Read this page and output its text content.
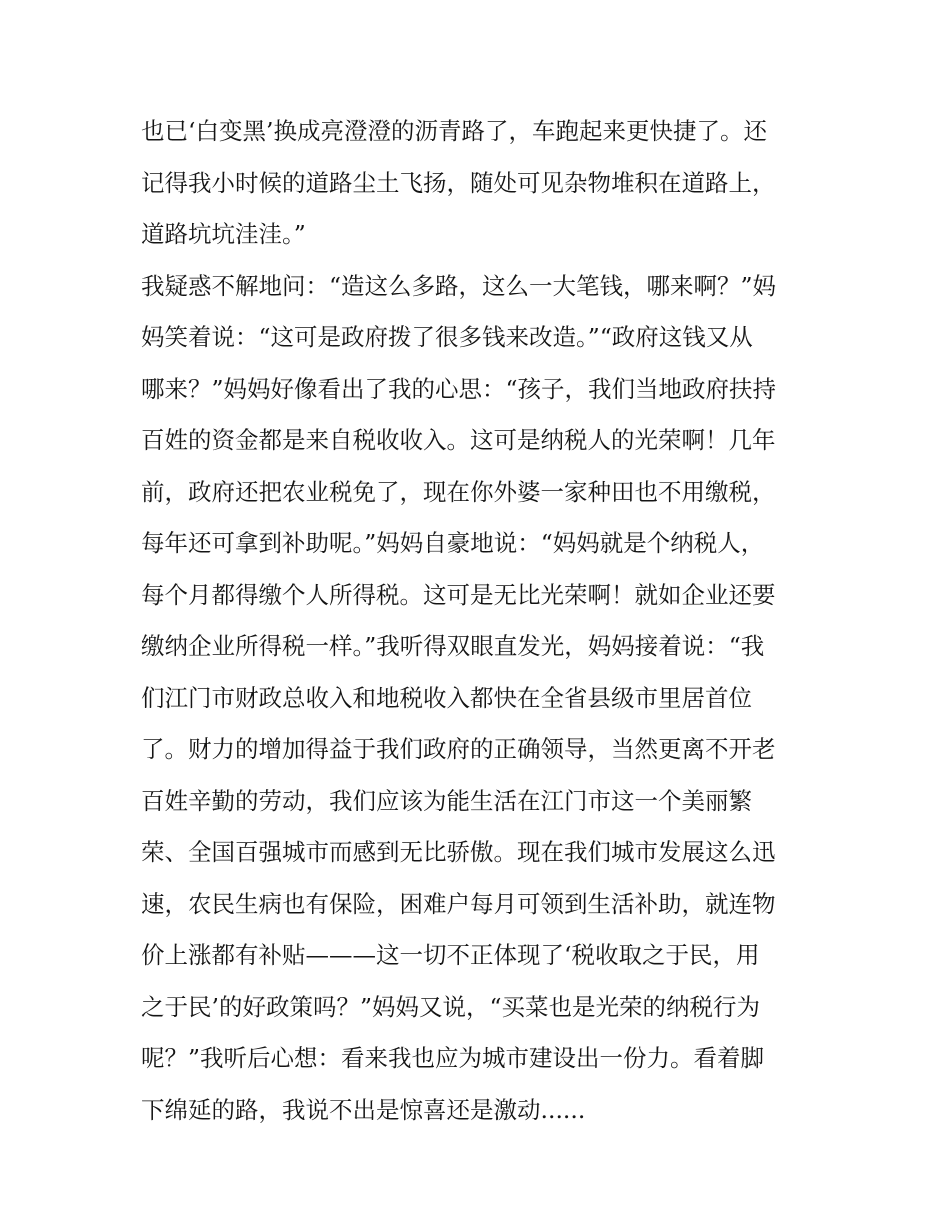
也已‘白变黑’换成亮澄澄的沥青路了，车跑起来更快捷了。还
记得我小时候的道路尘土飞扬，随处可见杂物堆积在道路上，
道路坑坑洼洼。”
我疑惑不解地问：“造这么多路，这么一大笔钱，哪来啊？”妈
妈笑着说：“这可是政府拨了很多钱来改造。”“政府这钱又从
哪来？”妈妈好像看出了我的心思：“孩子，我们当地政府扶持
百姓的资金都是来自税收收入。这可是纳税人的光荣啊！几年
前，政府还把农业税免了，现在你外婆一家种田也不用缴税，
每年还可拿到补助呢。”妈妈自豪地说：“妈妈就是个纳税人，
每个月都得缴个人所得税。这可是无比光荣啊！就如企业还要
缴纳企业所得税一样。”我听得双眼直发光，妈妈接着说：“我
们江门市财政总收入和地税收入都快在全省县级市里居首位
了。财力的增加得益于我们政府的正确领导，当然更离不开老
百姓辛勤的劳动，我们应该为能生活在江门市这一个美丽繁
荣、全国百强城市而感到无比骄傲。现在我们城市发展这么迅
速，农民生病也有保险，困难户每月可领到生活补助，就连物
价上涨都有补贴———这一切不正体现了‘税收取之于民，用
之于民’的好政策吗？”妈妈又说，“买菜也是光荣的纳税行为
呢？”我听后心想：看来我也应为城市建设出一份力。看着脚
下绵延的路，我说不出是惊喜还是激动......
